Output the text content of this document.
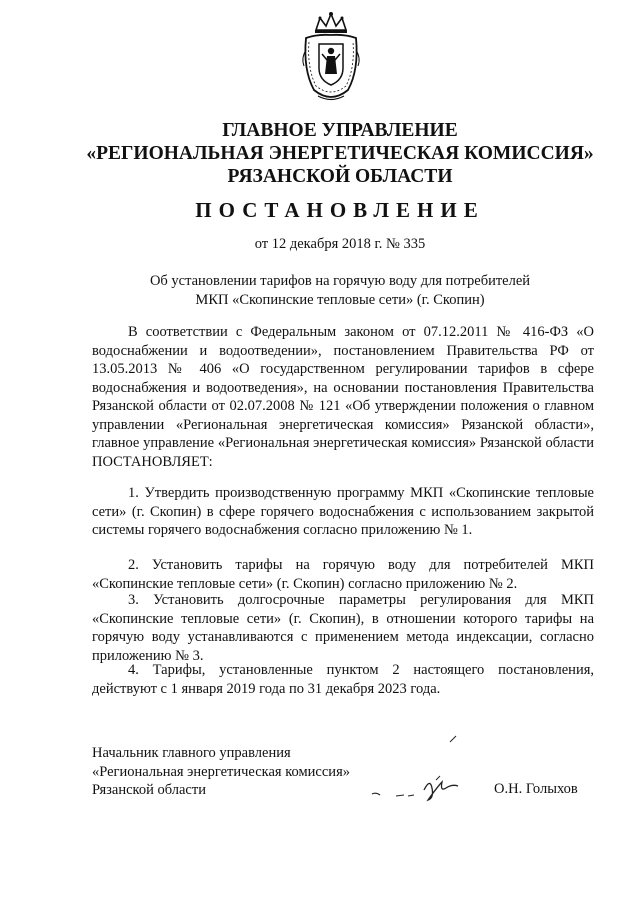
ГЛАВНОЕ УПРАВЛЕНИЕ
«РЕГИОНАЛЬНАЯ ЭНЕРГЕТИЧЕСКАЯ КОМИССИЯ»
РЯЗАНСКОЙ ОБЛАСТИ
ПОСТАНОВЛЕНИЕ
от 12 декабря 2018 г. № 335
Об установлении тарифов на горячую воду для потребителей
МКП «Скопинские тепловые сети» (г. Скопин)
В соответствии с Федеральным законом от 07.12.2011 № 416-ФЗ «О водоснабжении и водоотведении», постановлением Правительства РФ от 13.05.2013 № 406 «О государственном регулировании тарифов в сфере водоснабжения и водоотведения», на основании постановления Правительства Рязанской области от 02.07.2008 № 121 «Об утверждении положения о главном управлении «Региональная энергетическая комиссия» Рязанской области», главное управление «Региональная энергетическая комиссия» Рязанской области ПОСТАНОВЛЯЕТ:
1. Утвердить производственную программу МКП «Скопинские тепловые сети» (г. Скопин) в сфере горячего водоснабжения с использованием закрытой системы горячего водоснабжения согласно приложению № 1.
2. Установить тарифы на горячую воду для потребителей МКП «Скопинские тепловые сети» (г. Скопин) согласно приложению № 2.
3. Установить долгосрочные параметры регулирования для МКП «Скопинские тепловые сети» (г. Скопин), в отношении которого тарифы на горячую воду устанавливаются с применением метода индексации, согласно приложению № 3.
4. Тарифы, установленные пунктом 2 настоящего постановления, действуют с 1 января 2019 года по 31 декабря 2023 года.
Начальник главного управления
«Региональная энергетическая комиссия»
Рязанской области	О.Н. Голыхов
